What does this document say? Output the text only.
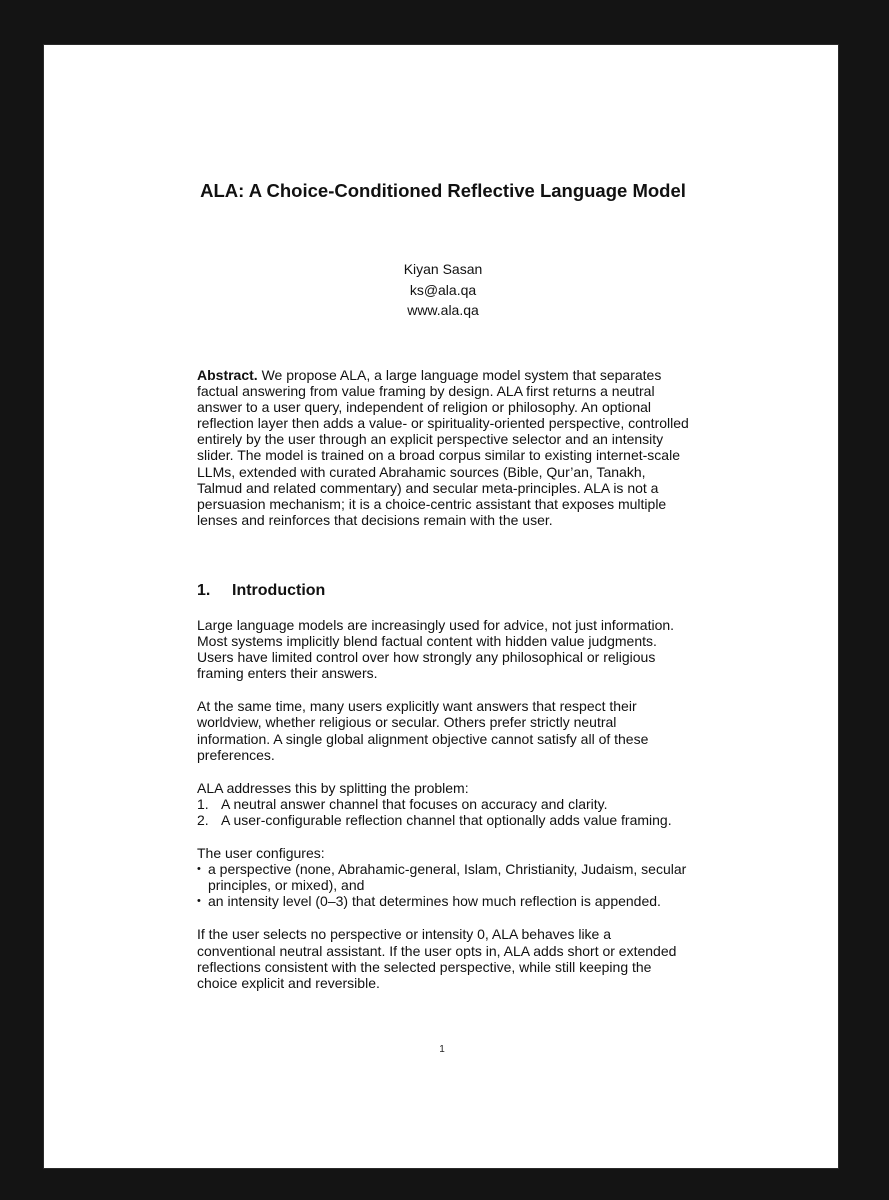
ALA: A Choice-Conditioned Reflective Language Model
Kiyan Sasan
ks@ala.qa
www.ala.qa

Abstract. We propose ALA, a large language model system that separates factual answering from value framing by design. ALA first returns a neutral answer to a user query, independent of religion or philosophy. An optional reflection layer then adds a value- or spirituality-oriented perspective, controlled entirely by the user through an explicit perspective selector and an intensity slider. The model is trained on a broad corpus similar to existing internet-scale LLMs, extended with curated Abrahamic sources (Bible, Qur’an, Tanakh, Talmud and related commentary) and secular meta-principles. ALA is not a persuasion mechanism; it is a choice-centric assistant that exposes multiple lenses and reinforces that decisions remain with the user.

1. Introduction

Large language models are increasingly used for advice, not just information. Most systems implicitly blend factual content with hidden value judgments. Users have limited control over how strongly any philosophical or religious framing enters their answers.

At the same time, many users explicitly want answers that respect their worldview, whether religious or secular. Others prefer strictly neutral information. A single global alignment objective cannot satisfy all of these preferences.

ALA addresses this by splitting the problem:

1. A neutral answer channel that focuses on accuracy and clarity.
2. A user-configurable reflection channel that optionally adds value framing.

The user configures:

• a perspective (none, Abrahamic-general, Islam, Christianity, Judaism, secular principles, or mixed), and
• an intensity level (0–3) that determines how much reflection is appended.

If the user selects no perspective or intensity 0, ALA behaves like a conventional neutral assistant. If the user opts in, ALA adds short or extended reflections consistent with the selected perspective, while still keeping the choice explicit and reversible.

1
